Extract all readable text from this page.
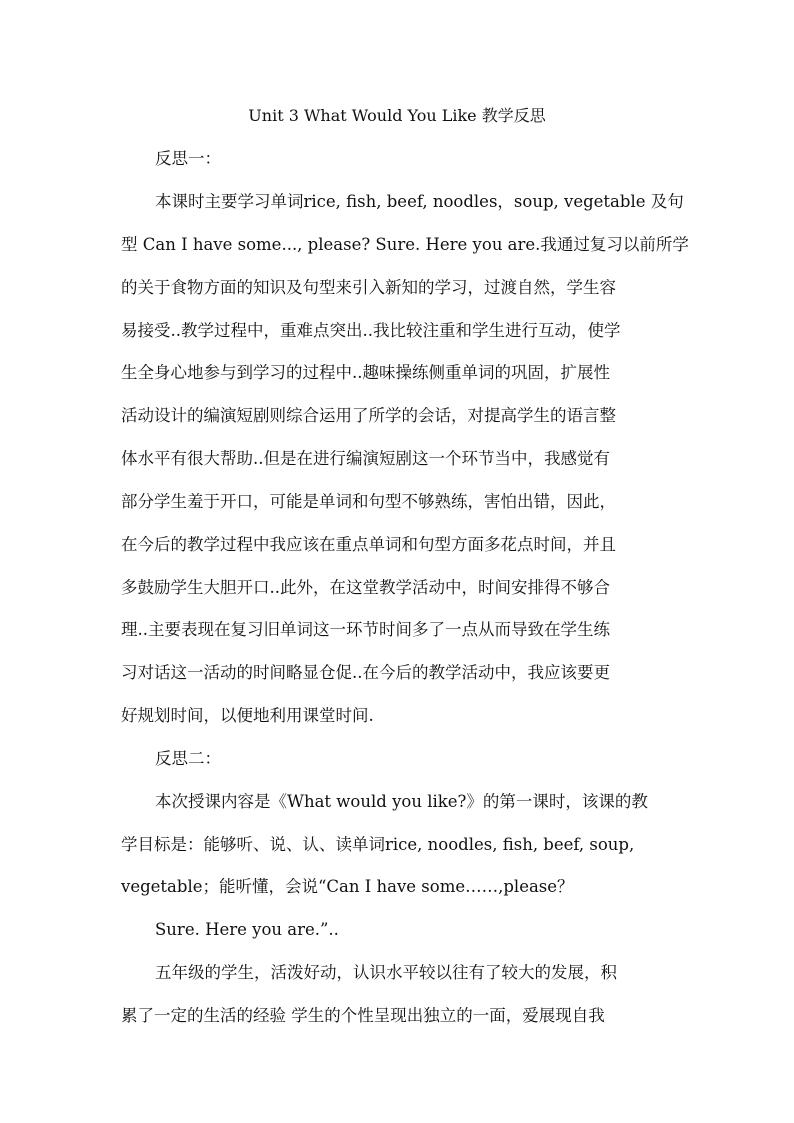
Unit 3 What Would You Like 教学反思
反思一：
本课时主要学习单词rice, fish, beef, noodles，soup, vegetable 及句
型 Can I have some..., please? Sure. Here you are.我通过复习以前所学
的关于食物方面的知识及句型来引入新知的学习，过渡自然，学生容
易接受..教学过程中，重难点突出..我比较注重和学生进行互动，使学
生全身心地参与到学习的过程中..趣味操练侧重单词的巩固，扩展性
活动设计的编演短剧则综合运用了所学的会话，对提高学生的语言整
体水平有很大帮助..但是在进行编演短剧这一个环节当中，我感觉有
部分学生羞于开口，可能是单词和句型不够熟练，害怕出错，因此，
在今后的教学过程中我应该在重点单词和句型方面多花点时间，并且
多鼓励学生大胆开口..此外，在这堂教学活动中，时间安排得不够合
理..主要表现在复习旧单词这一环节时间多了一点从而导致在学生练
习对话这一活动的时间略显仓促..在今后的教学活动中，我应该要更
好规划时间，以便地利用课堂时间.
反思二：
本次授课内容是《What would you like?》的第一课时，该课的教
学目标是：能够听、说、认、读单词rice, noodles, fish, beef, soup,
vegetable；能听懂，会说“Can I have some……,please？
Sure. Here you are.”..
五年级的学生，活泼好动，认识水平较以往有了较大的发展，积
累了一定的生活的经验 学生的个性呈现出独立的一面，爱展现自我
